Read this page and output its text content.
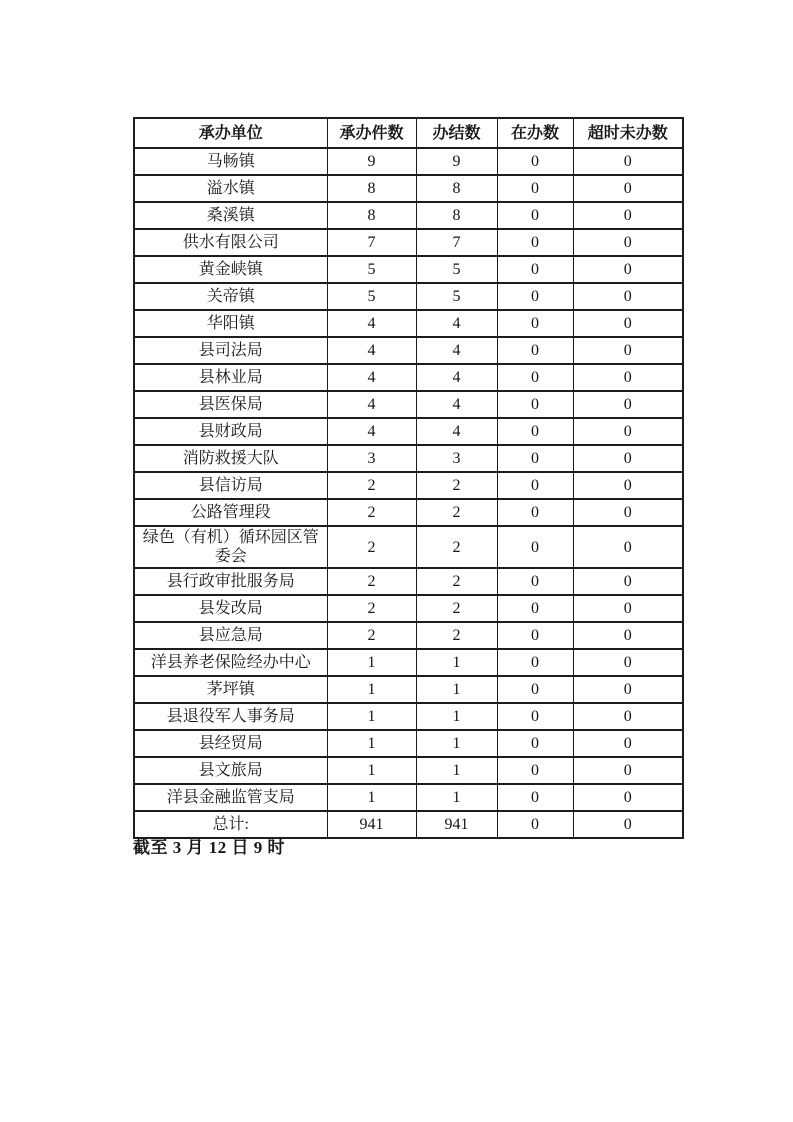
承办单位	承办件数	办结数	在办数	超时未办数
马畅镇	9	9	0	0
溢水镇	8	8	0	0
桑溪镇	8	8	0	0
供水有限公司	7	7	0	0
黄金峡镇	5	5	0	0
关帝镇	5	5	0	0
华阳镇	4	4	0	0
县司法局	4	4	0	0
县林业局	4	4	0	0
县医保局	4	4	0	0
县财政局	4	4	0	0
消防救援大队	3	3	0	0
县信访局	2	2	0	0
公路管理段	2	2	0	0
绿色（有机）循环园区管委会	2	2	0	0
县行政审批服务局	2	2	0	0
县发改局	2	2	0	0
县应急局	2	2	0	0
洋县养老保险经办中心	1	1	0	0
茅坪镇	1	1	0	0
县退役军人事务局	1	1	0	0
县经贸局	1	1	0	0
县文旅局	1	1	0	0
洋县金融监管支局	1	1	0	0
总计:	941	941	0	0
截至 3 月 12 日 9 时
